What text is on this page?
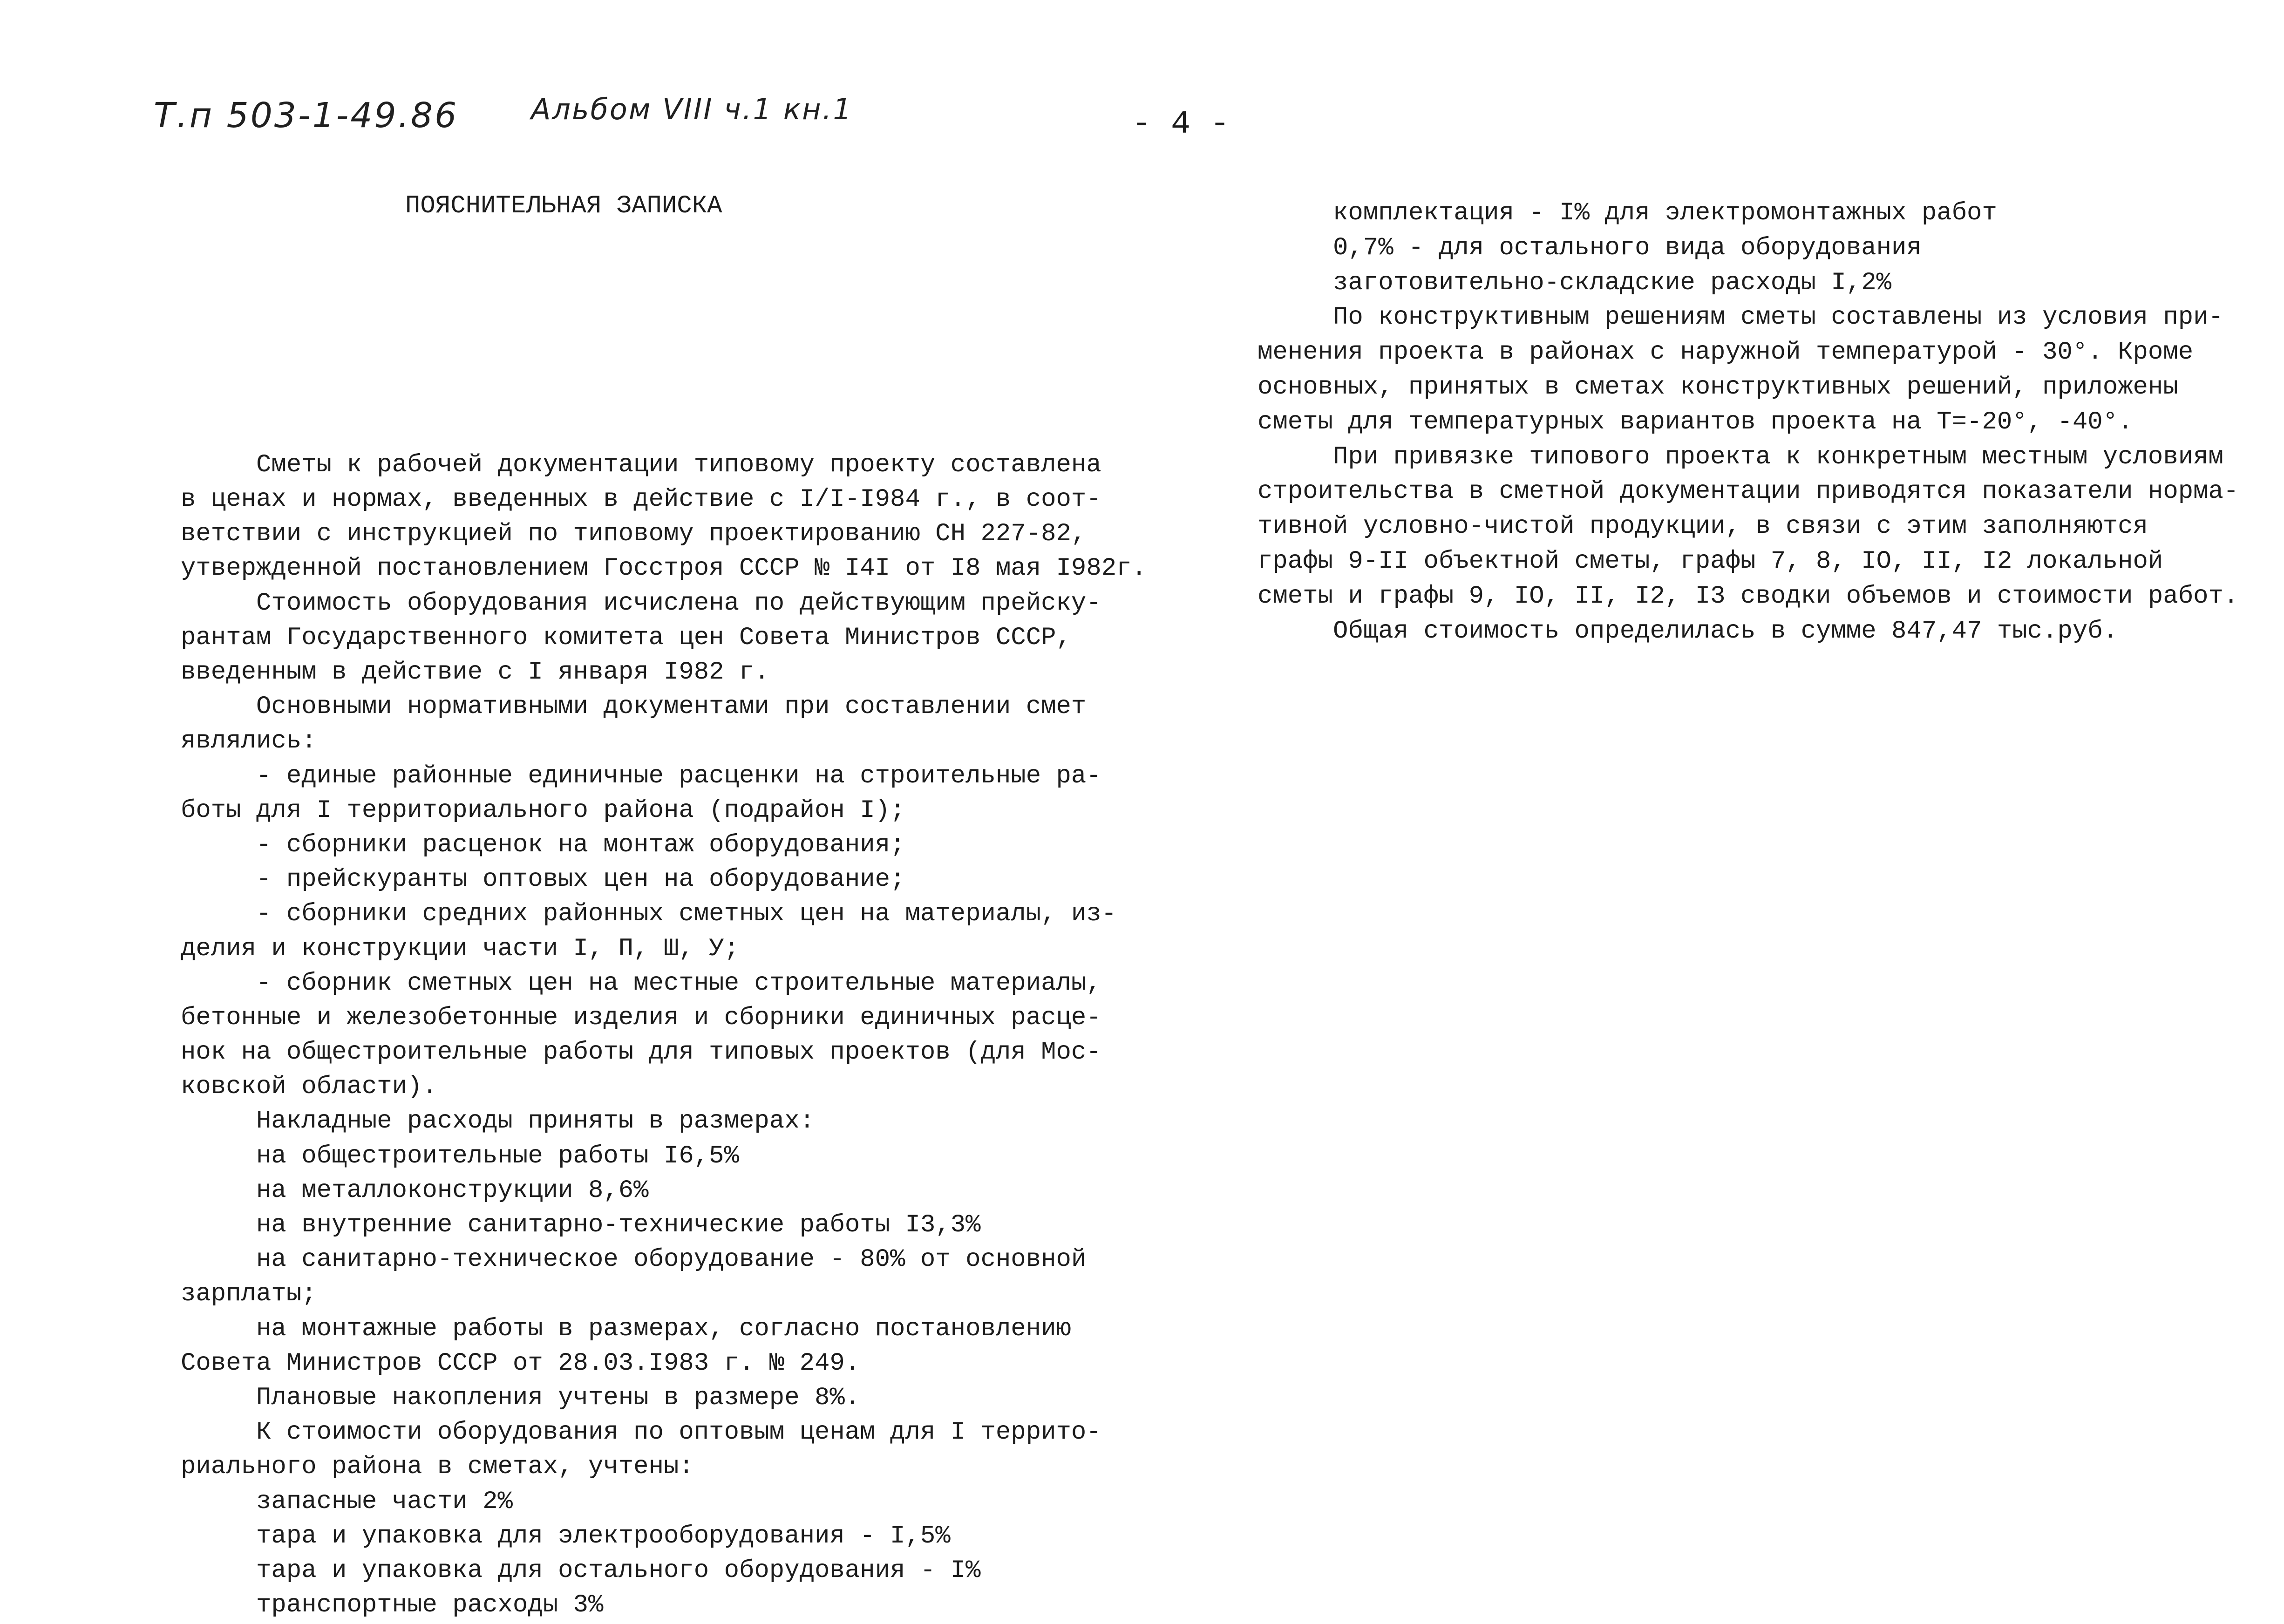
Т.п 503-1-49.86	Альбом VIII ч.1 кн.1	- 4 -
ПОЯСНИТЕЛЬНАЯ ЗАПИСКА

Сметы к рабочей документации типовому проекту составлена
в ценах и нормах, введенных в действие с I/I-I984 г., в соот-
ветствии с инструкцией по типовому проектированию СН 227-82,
утвержденной постановлением Госстроя СССР № I4I от I8 мая I982г.
Стоимость оборудования исчислена по действующим прейску-
рантам Государственного комитета цен Совета Министров СССР,
введенным в действие с I января I982 г.
Основными нормативными документами при составлении смет
являлись:
- единые районные единичные расценки на строительные ра-
боты для I территориального района (подрайон I);
- сборники расценок на монтаж оборудования;
- прейскуранты оптовых цен на оборудование;
- сборники средних районных сметных цен на материалы, из-
делия и конструкции части I, П, Ш, У;
- сборник сметных цен на местные строительные материалы,
бетонные и железобетонные изделия и сборники единичных расце-
нок на общестроительные работы для типовых проектов (для Мос-
ковской области).
Накладные расходы приняты в размерах:
на общестроительные работы I6,5%
на металлоконструкции 8,6%
на внутренние санитарно-технические работы I3,3%
на санитарно-техническое оборудование - 80% от основной
зарплаты;
на монтажные работы в размерах, согласно постановлению
Совета Министров СССР от 28.03.I983 г. № 249.
Плановые накопления учтены в размере 8%.
К стоимости оборудования по оптовым ценам для I террито-
риального района в сметах, учтены:
запасные части 2%
тара и упаковка для электрооборудования - I,5%
тара и упаковка для остального оборудования - I%
транспортные расходы 3%
комплектация - I% для электромонтажных работ
0,7% - для остального вида оборудования
заготовительно-складские расходы I,2%
По конструктивным решениям сметы составлены из условия при-
менения проекта в районах с наружной температурой - 30°. Кроме
основных, принятых в сметах конструктивных решений, приложены
сметы для температурных вариантов проекта на Т=-20°, -40°.
При привязке типового проекта к конкретным местным условиям
строительства в сметной документации приводятся показатели норма-
тивной условно-чистой продукции, в связи с этим заполняются
графы 9-II объектной сметы, графы 7, 8, IO, II, I2 локальной
сметы и графы 9, IO, II, I2, I3 сводки объемов и стоимости работ.
Общая стоимость определилась в сумме 847,47 тыс.руб.
